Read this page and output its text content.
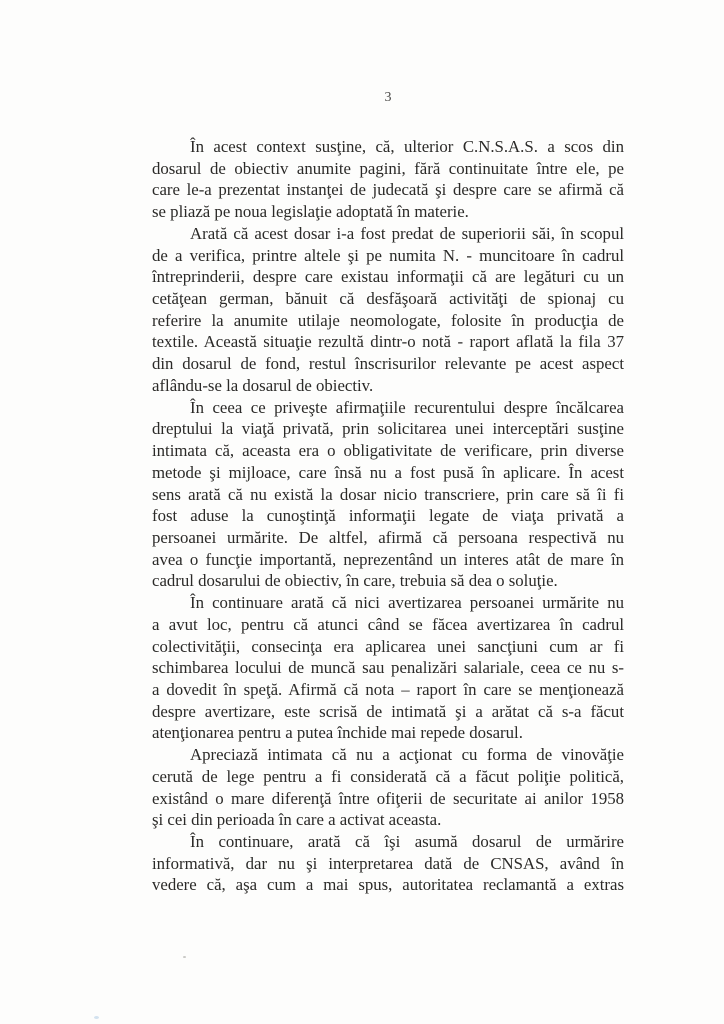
3
În acest context susţine, că, ulterior C.N.S.A.S. a scos din
dosarul de obiectiv anumite pagini, fără continuitate între ele, pe
care le-a prezentat instanţei de judecată şi despre care se afirmă că
se pliază pe noua legislaţie adoptată în materie.
Arată că acest dosar i-a fost predat de superiorii săi, în scopul
de a verifica, printre altele şi pe numita N. - muncitoare în cadrul
întreprinderii, despre care existau informaţii că are legături cu un
cetăţean german, bănuit că desfăşoară activităţi de spionaj cu
referire la anumite utilaje neomologate, folosite în producţia de
textile. Această situaţie rezultă dintr-o notă - raport aflată la fila 37
din dosarul de fond, restul înscrisurilor relevante pe acest aspect
aflându-se la dosarul de obiectiv.
În ceea ce priveşte afirmaţiile recurentului despre încălcarea
dreptului la viaţă privată, prin solicitarea unei interceptări susţine
intimata că, aceasta era o obligativitate de verificare, prin diverse
metode şi mijloace, care însă nu a fost pusă în aplicare. În acest
sens arată că nu există la dosar nicio transcriere, prin care să îi fi
fost aduse la cunoştinţă informaţii legate de viaţa privată a
persoanei urmărite. De altfel, afirmă că persoana respectivă nu
avea o funcţie importantă, neprezentând un interes atât de mare în
cadrul dosarului de obiectiv, în care, trebuia să dea o soluţie.
În continuare arată că nici avertizarea persoanei urmărite nu
a avut loc, pentru că atunci când se făcea avertizarea în cadrul
colectivităţii, consecinţa era aplicarea unei sancţiuni cum ar fi
schimbarea locului de muncă sau penalizări salariale, ceea ce nu s-
a dovedit în speţă. Afirmă că nota – raport în care se menţionează
despre avertizare, este scrisă de intimată şi a arătat că s-a făcut
atenţionarea pentru a putea închide mai repede dosarul.
Apreciază intimata că nu a acţionat cu forma de vinovăţie
cerută de lege pentru a fi considerată că a făcut poliţie politică,
existând o mare diferenţă între ofiţerii de securitate ai anilor 1958
şi cei din perioada în care a activat aceasta.
În continuare, arată că îşi asumă dosarul de urmărire
informativă, dar nu şi interpretarea dată de CNSAS, având în
vedere că, aşa cum a mai spus, autoritatea reclamantă a extras
